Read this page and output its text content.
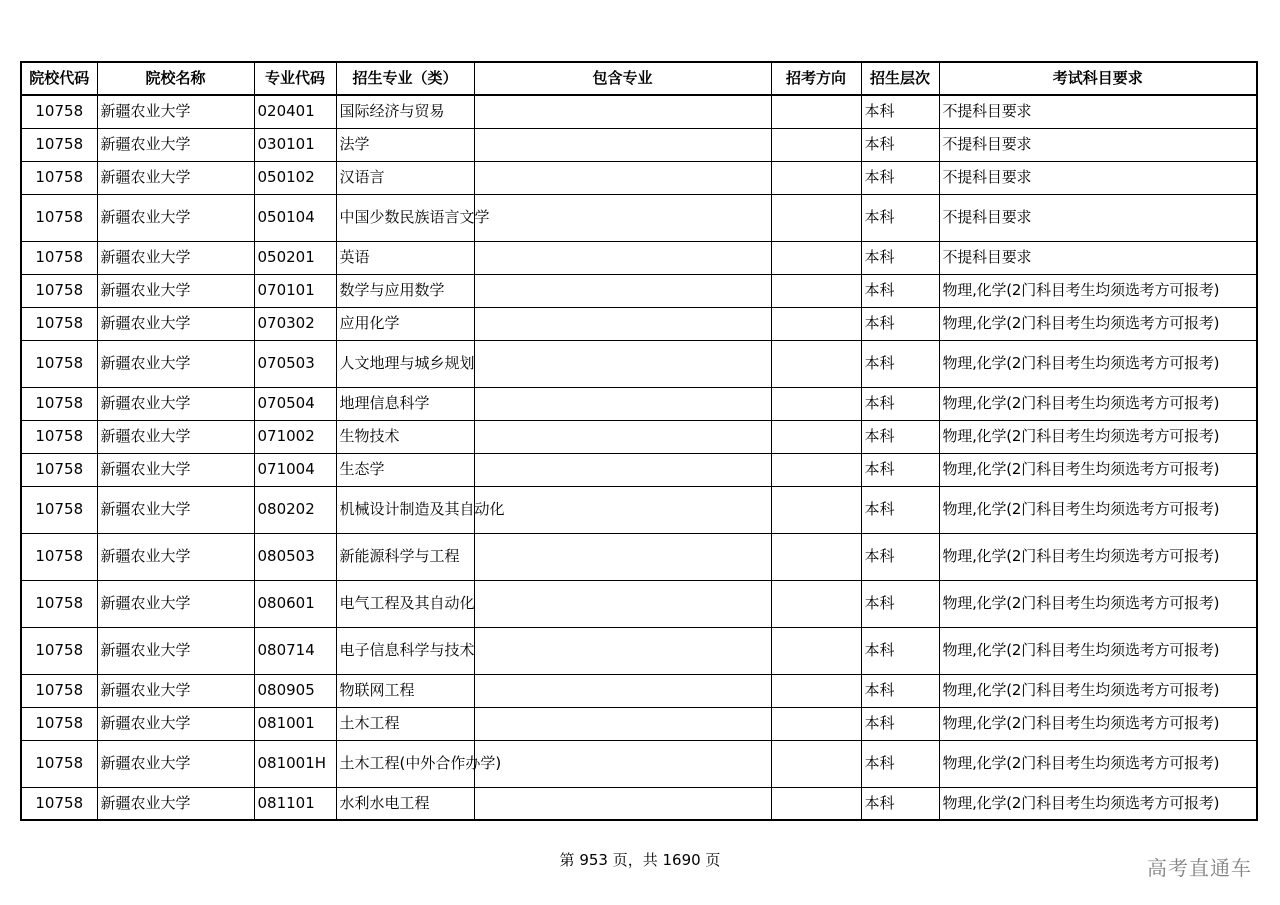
院校代码	院校名称	专业代码	招生专业（类）	包含专业	招考方向	招生层次	考试科目要求
10758	新疆农业大学	020401	国际经济与贸易			本科	不提科目要求
10758	新疆农业大学	030101	法学			本科	不提科目要求
10758	新疆农业大学	050102	汉语言			本科	不提科目要求
10758	新疆农业大学	050104	中国少数民族语言文学			本科	不提科目要求
10758	新疆农业大学	050201	英语			本科	不提科目要求
10758	新疆农业大学	070101	数学与应用数学			本科	物理,化学(2门科目考生均须选考方可报考)
10758	新疆农业大学	070302	应用化学			本科	物理,化学(2门科目考生均须选考方可报考)
10758	新疆农业大学	070503	人文地理与城乡规划			本科	物理,化学(2门科目考生均须选考方可报考)
10758	新疆农业大学	070504	地理信息科学			本科	物理,化学(2门科目考生均须选考方可报考)
10758	新疆农业大学	071002	生物技术			本科	物理,化学(2门科目考生均须选考方可报考)
10758	新疆农业大学	071004	生态学			本科	物理,化学(2门科目考生均须选考方可报考)
10758	新疆农业大学	080202	机械设计制造及其自动化			本科	物理,化学(2门科目考生均须选考方可报考)
10758	新疆农业大学	080503	新能源科学与工程			本科	物理,化学(2门科目考生均须选考方可报考)
10758	新疆农业大学	080601	电气工程及其自动化			本科	物理,化学(2门科目考生均须选考方可报考)
10758	新疆农业大学	080714	电子信息科学与技术			本科	物理,化学(2门科目考生均须选考方可报考)
10758	新疆农业大学	080905	物联网工程			本科	物理,化学(2门科目考生均须选考方可报考)
10758	新疆农业大学	081001	土木工程			本科	物理,化学(2门科目考生均须选考方可报考)
10758	新疆农业大学	081001H	土木工程(中外合作办学)			本科	物理,化学(2门科目考生均须选考方可报考)
10758	新疆农业大学	081101	水利水电工程			本科	物理,化学(2门科目考生均须选考方可报考)
第 953 页，共 1690 页	高考直通车
